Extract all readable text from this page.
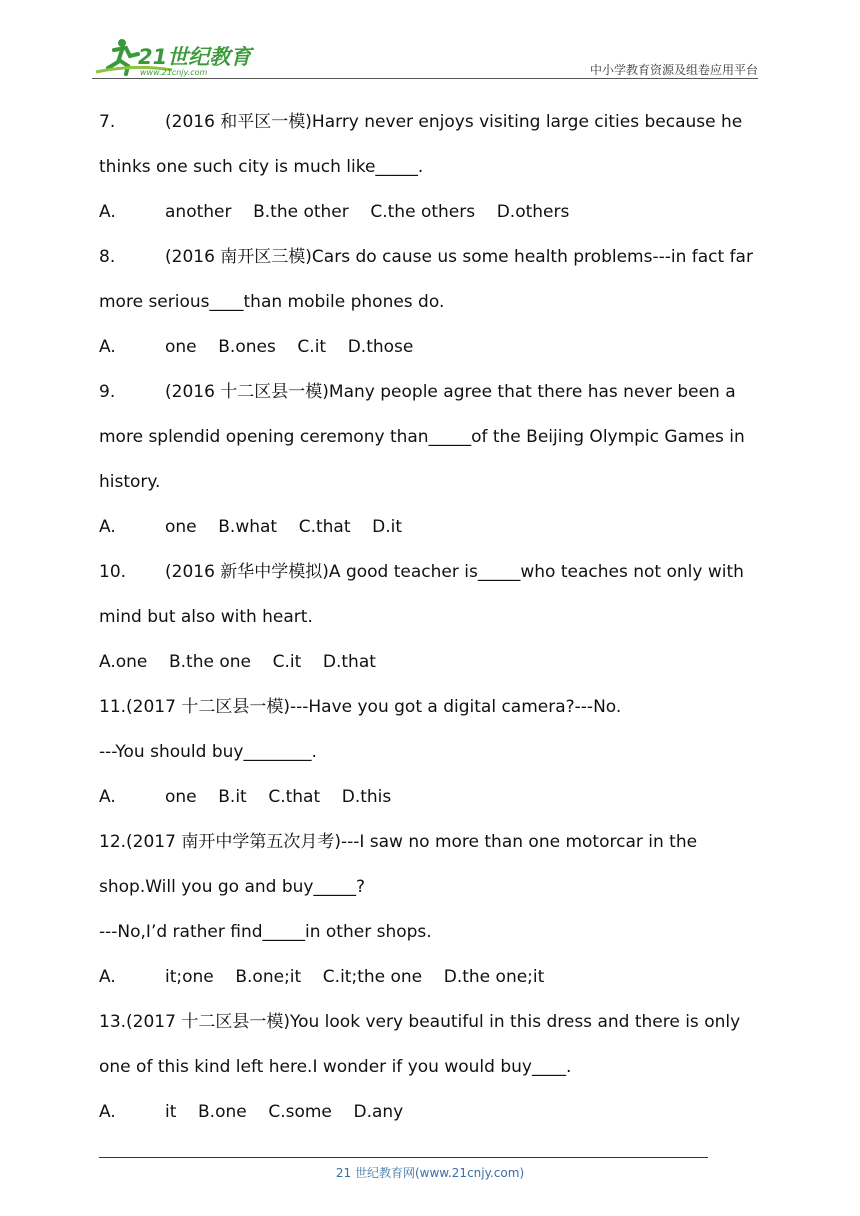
21世纪教育
www.21cnjy.com	中小学教育资源及组卷应用平台
7.	(2016 和平区一模)Harry never enjoys visiting large cities because he
thinks one such city is much like_____.
A.	another    B.the other    C.the others    D.others
8.	(2016 南开区三模)Cars do cause us some health problems---in fact far
more serious____than mobile phones do.
A.	one    B.ones    C.it    D.those
9.	(2016 十二区县一模)Many people agree that there has never been a
more splendid opening ceremony than_____of the Beijing Olympic Games in
history.
A.	one    B.what    C.that    D.it
10. (2016 新华中学模拟)A good teacher is_____who teaches not only with
mind but also with heart.
A.one    B.the one    C.it    D.that
11.(2017 十二区县一模)---Have you got a digital camera?---No.
---You should buy________.
A.	one    B.it    C.that    D.this
12.(2017 南开中学第五次月考)---I saw no more than one motorcar in the
shop.Will you go and buy_____?
---No,I’d rather find_____in other shops.
A.	it;one    B.one;it    C.it;the one    D.the one;it
13.(2017 十二区县一模)You look very beautiful in this dress and there is only
one of this kind left here.I wonder if you would buy____.
A.	it    B.one    C.some    D.any
21 世纪教育网(www.21cnjy.com)
